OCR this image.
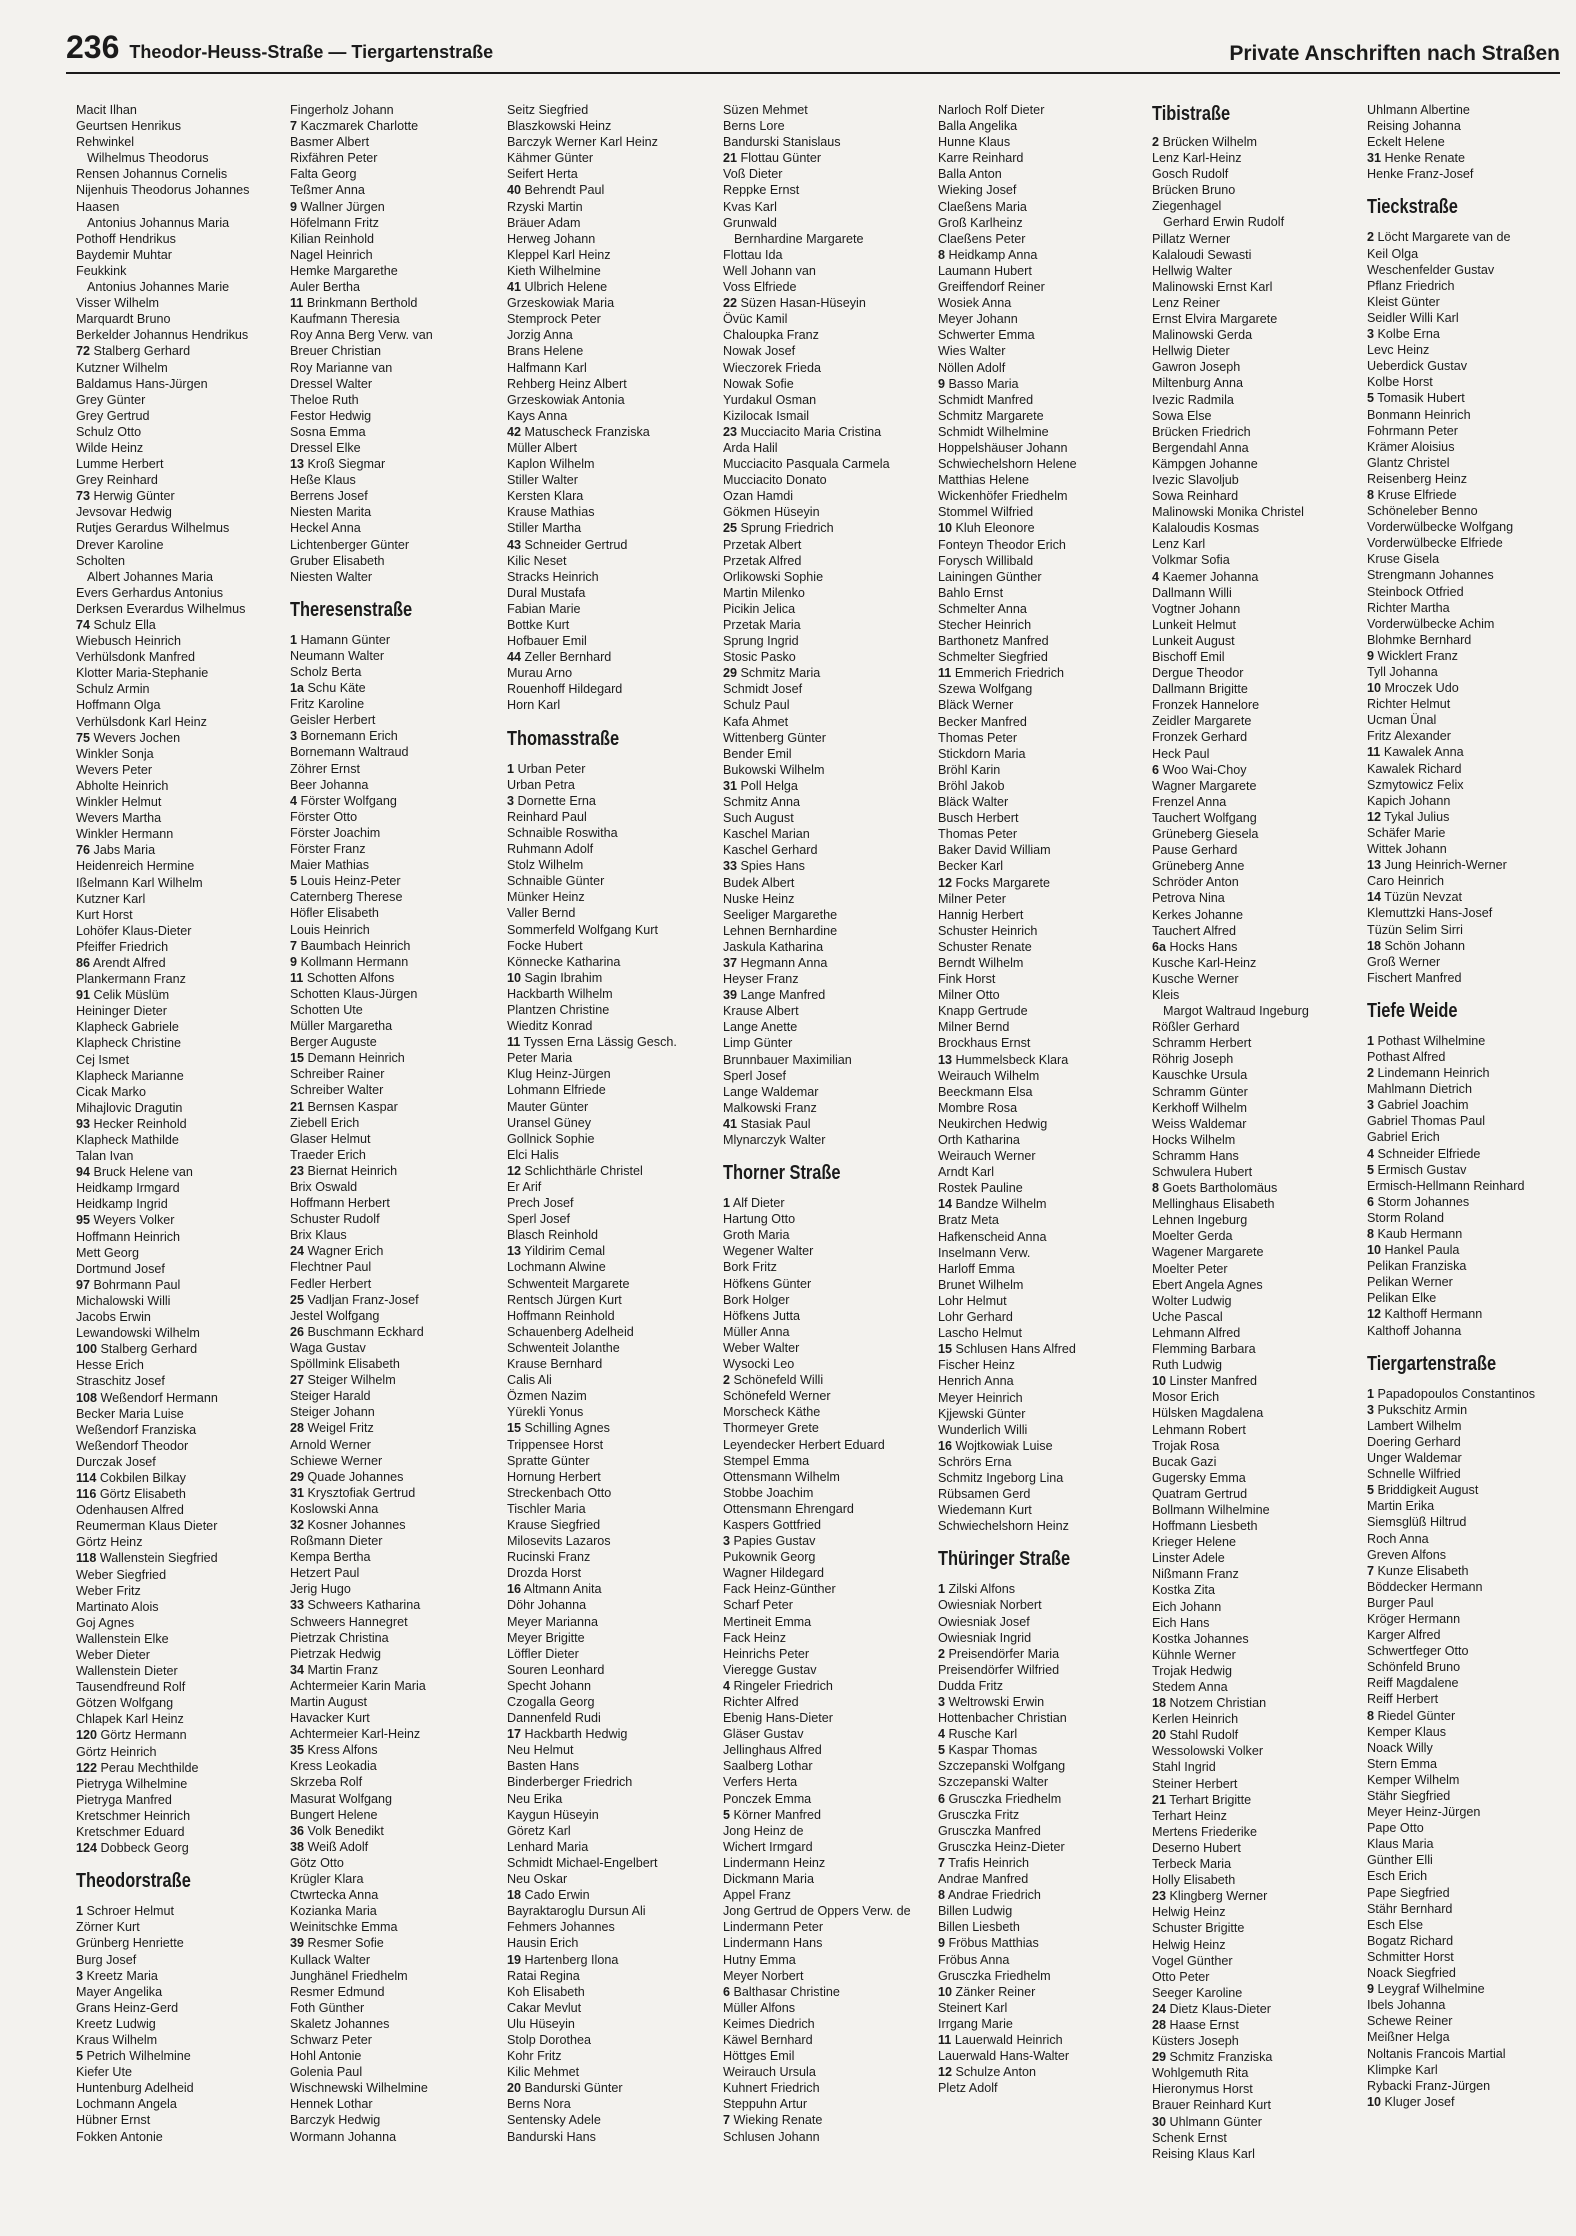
236 Theodor-Heuss-Straße — Tiergartenstraße	Private Anschriften nach Straßen
Macit Ilhan
Geurtsen Henrikus
Rehwinkel
Wilhelmus Theodorus
Rensen Johannus Cornelis
Nijenhuis Theodorus Johannes
Haasen
Antonius Johannus Maria
Pothoff Hendrikus
Baydemir Muhtar
Feukkink
Antonius Johannes Marie
Visser Wilhelm
Marquardt Bruno
Berkelder Johannus Hendrikus
72 Stalberg Gerhard
Kutzner Wilhelm
Baldamus Hans-Jürgen
Grey Günter
Grey Gertrud
Schulz Otto
Wilde Heinz
Lumme Herbert
Grey Reinhard
73 Herwig Günter
Jevsovar Hedwig
Rutjes Gerardus Wilhelmus
Drever Karoline
Scholten
Albert Johannes Maria
Evers Gerhardus Antonius
Derksen Everardus Wilhelmus
74 Schulz Ella
Wiebusch Heinrich
Verhülsdonk Manfred
Klotter Maria-Stephanie
Schulz Armin
Hoffmann Olga
Verhülsdonk Karl Heinz
75 Wevers Jochen
Winkler Sonja
Wevers Peter
Abholte Heinrich
Winkler Helmut
Wevers Martha
Winkler Hermann
76 Jabs Maria
Heidenreich Hermine
Ißelmann Karl Wilhelm
Kutzner Karl
Kurt Horst
Lohöfer Klaus-Dieter
Pfeiffer Friedrich
86 Arendt Alfred
Plankermann Franz
91 Celik Müslüm
Heininger Dieter
Klapheck Gabriele
Klapheck Christine
Cej Ismet
Klapheck Marianne
Cicak Marko
Mihajlovic Dragutin
93 Hecker Reinhold
Klapheck Mathilde
Talan Ivan
94 Bruck Helene van
Heidkamp Irmgard
Heidkamp Ingrid
95 Weyers Volker
Hoffmann Heinrich
Mett Georg
Dortmund Josef
97 Bohrmann Paul
Michalowski Willi
Jacobs Erwin
Lewandowski Wilhelm
100 Stalberg Gerhard
Hesse Erich
Straschitz Josef
108 Weßendorf Hermann
Becker Maria Luise
Weßendorf Franziska
Weßendorf Theodor
Durczak Josef
114 Cokbilen Bilkay
116 Görtz Elisabeth
Odenhausen Alfred
Reumerman Klaus Dieter
Görtz Heinz
118 Wallenstein Siegfried
Weber Siegfried
Weber Fritz
Martinato Alois
Goj Agnes
Wallenstein Elke
Weber Dieter
Wallenstein Dieter
Tausendfreund Rolf
Götzen Wolfgang
Chlapek Karl Heinz
120 Görtz Hermann
Görtz Heinrich
122 Perau Mechthilde
Pietryga Wilhelmine
Pietryga Manfred
Kretschmer Heinrich
Kretschmer Eduard
124 Dobbeck Georg
Theodorstraße
1 Schroer Helmut
Zörner Kurt
Grünberg Henriette
Burg Josef
3 Kreetz Maria
Mayer Angelika
Grans Heinz-Gerd
Kreetz Ludwig
Kraus Wilhelm
5 Petrich Wilhelmine
Kiefer Ute
Huntenburg Adelheid
Lochmann Angela
Hübner Ernst
Fokken Antonie
Fingerholz Johann
7 Kaczmarek Charlotte
Basmer Albert
Rixfähren Peter
Falta Georg
Teßmer Anna
9 Wallner Jürgen
Höfelmann Fritz
Kilian Reinhold
Nagel Heinrich
Hemke Margarethe
Auler Bertha
11 Brinkmann Berthold
Kaufmann Theresia
Roy Anna Berg Verw. van
Breuer Christian
Roy Marianne van
Dressel Walter
Theloe Ruth
Festor Hedwig
Sosna Emma
Dressel Elke
13 Kroß Siegmar
Heße Klaus
Berrens Josef
Niesten Marita
Heckel Anna
Lichtenberger Günter
Gruber Elisabeth
Niesten Walter
Theresenstraße
1 Hamann Günter
Neumann Walter
Scholz Berta
1a Schu Käte
Fritz Karoline
Geisler Herbert
3 Bornemann Erich
Bornemann Waltraud
Zöhrer Ernst
Beer Johanna
4 Förster Wolfgang
Förster Otto
Förster Joachim
Förster Franz
Maier Mathias
5 Louis Heinz-Peter
Caternberg Therese
Höfler Elisabeth
Louis Heinrich
7 Baumbach Heinrich
9 Kollmann Hermann
11 Schotten Alfons
Schotten Klaus-Jürgen
Schotten Ute
Müller Margaretha
Berger Auguste
15 Demann Heinrich
Schreiber Rainer
Schreiber Walter
21 Bernsen Kaspar
Ziebell Erich
Glaser Helmut
Traeder Erich
23 Biernat Heinrich
Brix Oswald
Hoffmann Herbert
Schuster Rudolf
Brix Klaus
24 Wagner Erich
Flechtner Paul
Fedler Herbert
25 Vadljan Franz-Josef
Jestel Wolfgang
26 Buschmann Eckhard
Waga Gustav
Spöllmink Elisabeth
27 Steiger Wilhelm
Steiger Harald
Steiger Johann
28 Weigel Fritz
Arnold Werner
Schiewe Werner
29 Quade Johannes
31 Krysztofiak Gertrud
Koslowski Anna
32 Kosner Johannes
Roßmann Dieter
Kempa Bertha
Hetzert Paul
Jerig Hugo
33 Schweers Katharina
Schweers Hannegret
Pietrzak Christina
Pietrzak Hedwig
34 Martin Franz
Achtermeier Karin Maria
Martin August
Havacker Kurt
Achtermeier Karl-Heinz
35 Kress Alfons
Kress Leokadia
Skrzeba Rolf
Masurat Wolfgang
Bungert Helene
36 Volk Benedikt
38 Weiß Adolf
Götz Otto
Krügler Klara
Ctwrtecka Anna
Kozianka Maria
Weinitschke Emma
39 Resmer Sofie
Kullack Walter
Junghänel Friedhelm
Resmer Edmund
Foth Günther
Skaletz Johannes
Schwarz Peter
Hohl Antonie
Golenia Paul
Wischnewski Wilhelmine
Hennek Lothar
Barczyk Hedwig
Wormann Johanna
Seitz Siegfried
Blaszkowski Heinz
Barczyk Werner Karl Heinz
Kähmer Günter
Seifert Herta
40 Behrendt Paul
Rzyski Martin
Bräuer Adam
Herweg Johann
Kleppel Karl Heinz
Kieth Wilhelmine
41 Ulbrich Helene
Grzeskowiak Maria
Stemprock Peter
Jorzig Anna
Brans Helene
Halfmann Karl
Rehberg Heinz Albert
Grzeskowiak Antonia
Kays Anna
42 Matuscheck Franziska
Müller Albert
Kaplon Wilhelm
Stiller Walter
Kersten Klara
Krause Mathias
Stiller Martha
43 Schneider Gertrud
Kilic Neset
Stracks Heinrich
Dural Mustafa
Fabian Marie
Bottke Kurt
Hofbauer Emil
44 Zeller Bernhard
Murau Arno
Rouenhoff Hildegard
Horn Karl
Thomasstraße
1 Urban Peter
Urban Petra
3 Dornette Erna
Reinhard Paul
Schnaible Roswitha
Ruhmann Adolf
Stolz Wilhelm
Schnaible Günter
Münker Heinz
Valler Bernd
Sommerfeld Wolfgang Kurt
Focke Hubert
Könnecke Katharina
10 Sagin Ibrahim
Hackbarth Wilhelm
Plantzen Christine
Wieditz Konrad
11 Tyssen Erna Lässig Gesch.
Peter Maria
Klug Heinz-Jürgen
Lohmann Elfriede
Mauter Günter
Uransel Güney
Gollnick Sophie
Elci Halis
12 Schlichthärle Christel
Er Arif
Prech Josef
Sperl Josef
Blasch Reinhold
13 Yildirim Cemal
Lochmann Alwine
Schwenteit Margarete
Rentsch Jürgen Kurt
Hoffmann Reinhold
Schauenberg Adelheid
Schwenteit Jolanthe
Krause Bernhard
Calis Ali
Özmen Nazim
Yürekli Yonus
15 Schilling Agnes
Trippensee Horst
Spratte Günter
Hornung Herbert
Streckenbach Otto
Tischler Maria
Krause Siegfried
Milosevits Lazaros
Rucinski Franz
Drozda Horst
16 Altmann Anita
Döhr Johanna
Meyer Marianna
Meyer Brigitte
Löffler Dieter
Souren Leonhard
Specht Johann
Czogalla Georg
Dannenfeld Rudi
17 Hackbarth Hedwig
Neu Helmut
Basten Hans
Binderberger Friedrich
Neu Erika
Kaygun Hüseyin
Göretz Karl
Lenhard Maria
Schmidt Michael-Engelbert
Neu Oskar
18 Cado Erwin
Bayraktaroglu Dursun Ali
Fehmers Johannes
Hausin Erich
19 Hartenberg Ilona
Ratai Regina
Koh Elisabeth
Cakar Mevlut
Ulu Hüseyin
Stolp Dorothea
Kohr Fritz
Kilic Mehmet
20 Bandurski Günter
Berns Nora
Sentensky Adele
Bandurski Hans
Süzen Mehmet
Berns Lore
Bandurski Stanislaus
21 Flottau Günter
Voß Dieter
Reppke Ernst
Kvas Karl
Grunwald
Bernhardine Margarete
Flottau Ida
Well Johann van
Voss Elfriede
22 Süzen Hasan-Hüseyin
Övüc Kamil
Chaloupka Franz
Nowak Josef
Wieczorek Frieda
Nowak Sofie
Yurdakul Osman
Kizilocak Ismail
23 Mucciacito Maria Cristina
Arda Halil
Mucciacito Pasquala Carmela
Mucciacito Donato
Ozan Hamdi
Gökmen Hüseyin
25 Sprung Friedrich
Przetak Albert
Przetak Alfred
Orlikowski Sophie
Martin Milenko
Picikin Jelica
Przetak Maria
Sprung Ingrid
Stosic Pasko
29 Schmitz Maria
Schmidt Josef
Schulz Paul
Kafa Ahmet
Wittenberg Günter
Bender Emil
Bukowski Wilhelm
31 Poll Helga
Schmitz Anna
Such August
Kaschel Marian
Kaschel Gerhard
33 Spies Hans
Budek Albert
Nuske Heinz
Seeliger Margarethe
Lehnen Bernhardine
Jaskula Katharina
37 Hegmann Anna
Heyser Franz
39 Lange Manfred
Krause Albert
Lange Anette
Limp Günter
Brunnbauer Maximilian
Sperl Josef
Lange Waldemar
Malkowski Franz
41 Stasiak Paul
Mlynarczyk Walter
Thorner Straße
1 Alf Dieter
Hartung Otto
Groth Maria
Wegener Walter
Bork Fritz
Höfkens Günter
Bork Holger
Höfkens Jutta
Müller Anna
Weber Walter
Wysocki Leo
2 Schönefeld Willi
Schönefeld Werner
Morscheck Käthe
Thormeyer Grete
Leyendecker Herbert Eduard
Stempel Emma
Ottensmann Wilhelm
Stobbe Joachim
Ottensmann Ehrengard
Kaspers Gottfried
3 Papies Gustav
Pukownik Georg
Wagner Hildegard
Fack Heinz-Günther
Scharf Peter
Mertineit Emma
Fack Heinz
Heinrichs Peter
Vieregge Gustav
4 Ringeler Friedrich
Richter Alfred
Ebenig Hans-Dieter
Gläser Gustav
Jellinghaus Alfred
Saalberg Lothar
Verfers Herta
Ponczek Emma
5 Körner Manfred
Jong Heinz de
Wichert Irmgard
Lindermann Heinz
Dickmann Maria
Appel Franz
Jong Gertrud de Oppers Verw. de
Lindermann Peter
Lindermann Hans
Hutny Emma
Meyer Norbert
6 Balthasar Christine
Müller Alfons
Keimes Diedrich
Käwel Bernhard
Höttges Emil
Weirauch Ursula
Kuhnert Friedrich
Steppuhn Artur
7 Wieking Renate
Schlusen Johann
Narloch Rolf Dieter
Balla Angelika
Hunne Klaus
Karre Reinhard
Balla Anton
Wieking Josef
Claeßens Maria
Groß Karlheinz
Claeßens Peter
8 Heidkamp Anna
Laumann Hubert
Greiffendorf Reiner
Wosiek Anna
Meyer Johann
Schwerter Emma
Wies Walter
Nöllen Adolf
9 Basso Maria
Schmidt Manfred
Schmitz Margarete
Schmidt Wilhelmine
Hoppelshäuser Johann
Schwiechelshorn Helene
Matthias Helene
Wickenhöfer Friedhelm
Stommel Wilfried
10 Kluh Eleonore
Fonteyn Theodor Erich
Forysch Willibald
Lainingen Günther
Bahlo Ernst
Schmelter Anna
Stecher Heinrich
Barthonetz Manfred
Schmelter Siegfried
11 Emmerich Friedrich
Szewa Wolfgang
Bläck Werner
Becker Manfred
Thomas Peter
Stickdorn Maria
Bröhl Karin
Bröhl Jakob
Bläck Walter
Busch Herbert
Thomas Peter
Baker David William
Becker Karl
12 Focks Margarete
Milner Peter
Hannig Herbert
Schuster Heinrich
Schuster Renate
Berndt Wilhelm
Fink Horst
Milner Otto
Knapp Gertrude
Milner Bernd
Brockhaus Ernst
13 Hummelsbeck Klara
Weirauch Wilhelm
Beeckmann Elsa
Mombre Rosa
Neukirchen Hedwig
Orth Katharina
Weirauch Werner
Arndt Karl
Rostek Pauline
14 Bandze Wilhelm
Bratz Meta
Hafkenscheid Anna
Inselmann Verw.
Harloff Emma
Brunet Wilhelm
Lohr Helmut
Lohr Gerhard
Lascho Helmut
15 Schlusen Hans Alfred
Fischer Heinz
Henrich Anna
Meyer Heinrich
Kjjewski Günter
Wunderlich Willi
16 Wojtkowiak Luise
Schrörs Erna
Schmitz Ingeborg Lina
Rübsamen Gerd
Wiedemann Kurt
Schwiechelshorn Heinz
Thüringer Straße
1 Zilski Alfons
Owiesniak Norbert
Owiesniak Josef
Owiesniak Ingrid
2 Preisendörfer Maria
Preisendörfer Wilfried
Dudda Fritz
3 Weltrowski Erwin
Hottenbacher Christian
4 Rusche Karl
5 Kaspar Thomas
Szczepanski Wolfgang
Szczepanski Walter
6 Grusczka Friedhelm
Grusczka Fritz
Grusczka Manfred
Grusczka Heinz-Dieter
7 Trafis Heinrich
Andrae Manfred
8 Andrae Friedrich
Billen Ludwig
Billen Liesbeth
9 Fröbus Matthias
Fröbus Anna
Grusczka Friedhelm
10 Zänker Reiner
Steinert Karl
Irrgang Marie
11 Lauerwald Heinrich
Lauerwald Hans-Walter
12 Schulze Anton
Pletz Adolf
Tibistraße
2 Brücken Wilhelm
Lenz Karl-Heinz
Gosch Rudolf
Brücken Bruno
Ziegenhagel
Gerhard Erwin Rudolf
Pillatz Werner
Kalaloudi Sewasti
Hellwig Walter
Malinowski Ernst Karl
Lenz Reiner
Ernst Elvira Margarete
Malinowski Gerda
Hellwig Dieter
Gawron Joseph
Miltenburg Anna
Ivezic Radmila
Sowa Else
Brücken Friedrich
Bergendahl Anna
Kämpgen Johanne
Ivezic Slavoljub
Sowa Reinhard
Malinowski Monika Christel
Kalaloudis Kosmas
Lenz Karl
Volkmar Sofia
4 Kaemer Johanna
Dallmann Willi
Vogtner Johann
Lunkeit Helmut
Lunkeit August
Bischoff Emil
Dergue Theodor
Dallmann Brigitte
Fronzek Hannelore
Zeidler Margarete
Fronzek Gerhard
Heck Paul
6 Woo Wai-Choy
Wagner Margarete
Frenzel Anna
Tauchert Wolfgang
Grüneberg Giesela
Pause Gerhard
Grüneberg Anne
Schröder Anton
Petrova Nina
Kerkes Johanne
Tauchert Alfred
6a Hocks Hans
Kusche Karl-Heinz
Kusche Werner
Kleis
Margot Waltraud Ingeburg
Rößler Gerhard
Schramm Herbert
Röhrig Joseph
Kauschke Ursula
Schramm Günter
Kerkhoff Wilhelm
Weiss Waldemar
Hocks Wilhelm
Schramm Hans
Schwulera Hubert
8 Goets Bartholomäus
Mellinghaus Elisabeth
Lehnen Ingeburg
Moelter Gerda
Wagener Margarete
Moelter Peter
Ebert Angela Agnes
Wolter Ludwig
Uche Pascal
Lehmann Alfred
Flemming Barbara
Ruth Ludwig
10 Linster Manfred
Mosor Erich
Hülsken Magdalena
Lehmann Robert
Trojak Rosa
Bucak Gazi
Gugersky Emma
Quatram Gertrud
Bollmann Wilhelmine
Hoffmann Liesbeth
Krieger Helene
Linster Adele
Nißmann Franz
Kostka Zita
Eich Johann
Eich Hans
Kostka Johannes
Kühnle Werner
Trojak Hedwig
Stedem Anna
18 Notzem Christian
Kerlen Heinrich
20 Stahl Rudolf
Wessolowski Volker
Stahl Ingrid
Steiner Herbert
21 Terhart Brigitte
Terhart Heinz
Mertens Friederike
Deserno Hubert
Terbeck Maria
Holly Elisabeth
23 Klingberg Werner
Helwig Heinz
Schuster Brigitte
Helwig Heinz
Vogel Günther
Otto Peter
Seeger Karoline
24 Dietz Klaus-Dieter
28 Haase Ernst
Küsters Joseph
29 Schmitz Franziska
Wohlgemuth Rita
Hieronymus Horst
Brauer Reinhard Kurt
30 Uhlmann Günter
Schenk Ernst
Reising Klaus Karl
Uhlmann Albertine
Reising Johanna
Eckelt Helene
31 Henke Renate
Henke Franz-Josef
Tieckstraße
2 Löcht Margarete van de
Keil Olga
Weschenfelder Gustav
Pflanz Friedrich
Kleist Günter
Seidler Willi Karl
3 Kolbe Erna
Levc Heinz
Ueberdick Gustav
Kolbe Horst
5 Tomasik Hubert
Bonmann Heinrich
Fohrmann Peter
Krämer Aloisius
Glantz Christel
Reisenberg Heinz
8 Kruse Elfriede
Schöneleber Benno
Vorderwülbecke Wolfgang
Vorderwülbecke Elfriede
Kruse Gisela
Strengmann Johannes
Steinbock Otfried
Richter Martha
Vorderwülbecke Achim
Blohmke Bernhard
9 Wicklert Franz
Tyll Johanna
10 Mroczek Udo
Richter Helmut
Ucman Ünal
Fritz Alexander
11 Kawalek Anna
Kawalek Richard
Szmytowicz Felix
Kapich Johann
12 Tykal Julius
Schäfer Marie
Wittek Johann
13 Jung Heinrich-Werner
Caro Heinrich
14 Tüzün Nevzat
Klemuttzki Hans-Josef
Tüzün Selim Sirri
18 Schön Johann
Groß Werner
Fischert Manfred
Tiefe Weide
1 Pothast Wilhelmine
Pothast Alfred
2 Lindemann Heinrich
Mahlmann Dietrich
3 Gabriel Joachim
Gabriel Thomas Paul
Gabriel Erich
4 Schneider Elfriede
5 Ermisch Gustav
Ermisch-Hellmann Reinhard
6 Storm Johannes
Storm Roland
8 Kaub Hermann
10 Hankel Paula
Pelikan Franziska
Pelikan Werner
Pelikan Elke
12 Kalthoff Hermann
Kalthoff Johanna
Tiergartenstraße
1 Papadopoulos Constantinos
3 Pukschitz Armin
Lambert Wilhelm
Doering Gerhard
Unger Waldemar
Schnelle Wilfried
5 Briddigkeit August
Martin Erika
Siemsglüß Hiltrud
Roch Anna
Greven Alfons
7 Kunze Elisabeth
Böddecker Hermann
Burger Paul
Kröger Hermann
Karger Alfred
Schwertfeger Otto
Schönfeld Bruno
Reiff Magdalene
Reiff Herbert
8 Riedel Günter
Kemper Klaus
Noack Willy
Stern Emma
Kemper Wilhelm
Stähr Siegfried
Meyer Heinz-Jürgen
Pape Otto
Klaus Maria
Günther Elli
Esch Erich
Pape Siegfried
Stähr Bernhard
Esch Else
Bogatz Richard
Schmitter Horst
Noack Siegfried
9 Leygraf Wilhelmine
Ibels Johanna
Schewe Reiner
Meißner Helga
Noltanis Francois Martial
Klimpke Karl
Rybacki Franz-Jürgen
10 Kluger Josef
